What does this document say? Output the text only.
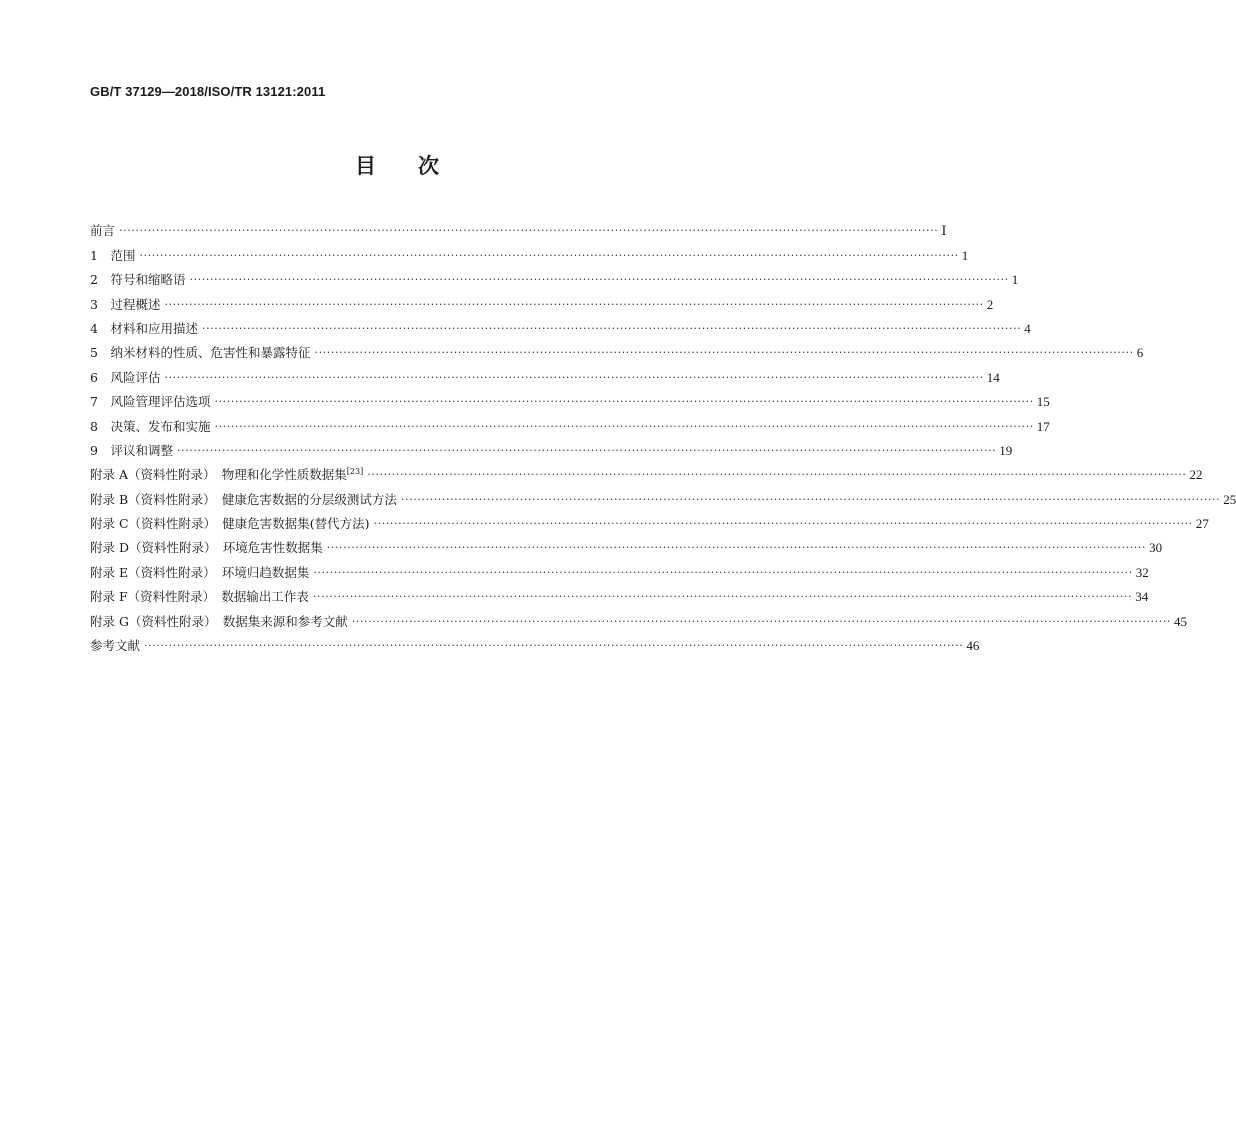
GB/T 37129—2018/ISO/TR 13121:2011
目 次
前言 ········································································································································································································ Ⅰ
1　范围 ········································································································································································································ 1
2　符号和缩略语 ········································································································································································································ 1
3　过程概述 ········································································································································································································ 2
4　材料和应用描述 ········································································································································································································ 4
5　纳米材料的性质、危害性和暴露特征 ········································································································································································································ 6
6　风险评估 ········································································································································································································ 14
7　风险管理评估选项 ········································································································································································································ 15
8　决策、发布和实施 ········································································································································································································ 17
9　评议和调整 ········································································································································································································ 19
附录 A（资料性附录）　物理和化学性质数据集[23] ········································································································································································································ 22
附录 B（资料性附录）　健康危害数据的分层级测试方法 ········································································································································································································ 25
附录 C（资料性附录）　健康危害数据集(替代方法) ········································································································································································································ 27
附录 D（资料性附录）　环境危害性数据集 ········································································································································································································ 30
附录 E（资料性附录）　环境归趋数据集 ········································································································································································································ 32
附录 F（资料性附录）　数据输出工作表 ········································································································································································································ 34
附录 G（资料性附录）　数据集来源和参考文献 ········································································································································································································ 45
参考文献 ········································································································································································································ 46
